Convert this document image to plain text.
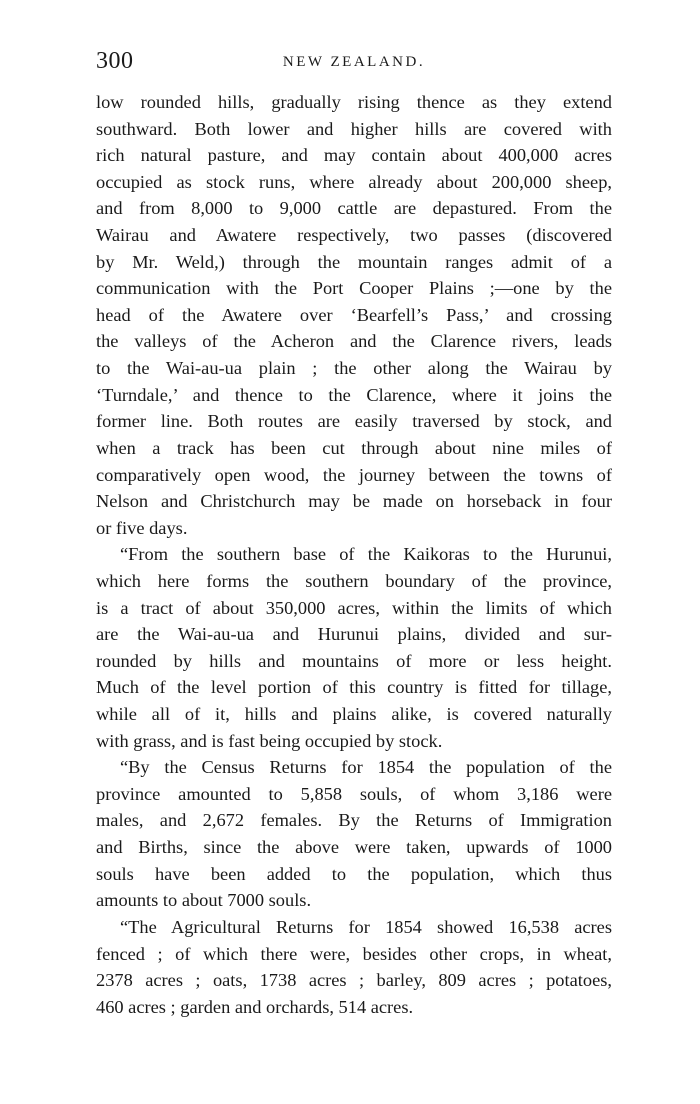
300	NEW ZEALAND.
low rounded hills, gradually rising thence as they extend
southward. Both lower and higher hills are covered with
rich natural pasture, and may contain about 400,000 acres
occupied as stock runs, where already about 200,000 sheep,
and from 8,000 to 9,000 cattle are depastured. From the
Wairau and Awatere respectively, two passes (discovered
by Mr. Weld,) through the mountain ranges admit of a
communication with the Port Cooper Plains ;—one by the
head of the Awatere over ‘Bearfell’s Pass,’ and crossing
the valleys of the Acheron and the Clarence rivers, leads
to the Wai-au-ua plain ; the other along the Wairau by
‘Turndale,’ and thence to the Clarence, where it joins the
former line. Both routes are easily traversed by stock, and
when a track has been cut through about nine miles of
comparatively open wood, the journey between the towns of
Nelson and Christchurch may be made on horseback in four
or five days.
“From the southern base of the Kaikoras to the Hurunui,
which here forms the southern boundary of the province,
is a tract of about 350,000 acres, within the limits of which
are the Wai-au-ua and Hurunui plains, divided and sur-
rounded by hills and mountains of more or less height.
Much of the level portion of this country is fitted for tillage,
while all of it, hills and plains alike, is covered naturally
with grass, and is fast being occupied by stock.
“By the Census Returns for 1854 the population of the
province amounted to 5,858 souls, of whom 3,186 were
males, and 2,672 females. By the Returns of Immigration
and Births, since the above were taken, upwards of 1000
souls have been added to the population, which thus
amounts to about 7000 souls.
“The Agricultural Returns for 1854 showed 16,538 acres
fenced ; of which there were, besides other crops, in wheat,
2378 acres ; oats, 1738 acres ; barley, 809 acres ; potatoes,
460 acres ; garden and orchards, 514 acres.
